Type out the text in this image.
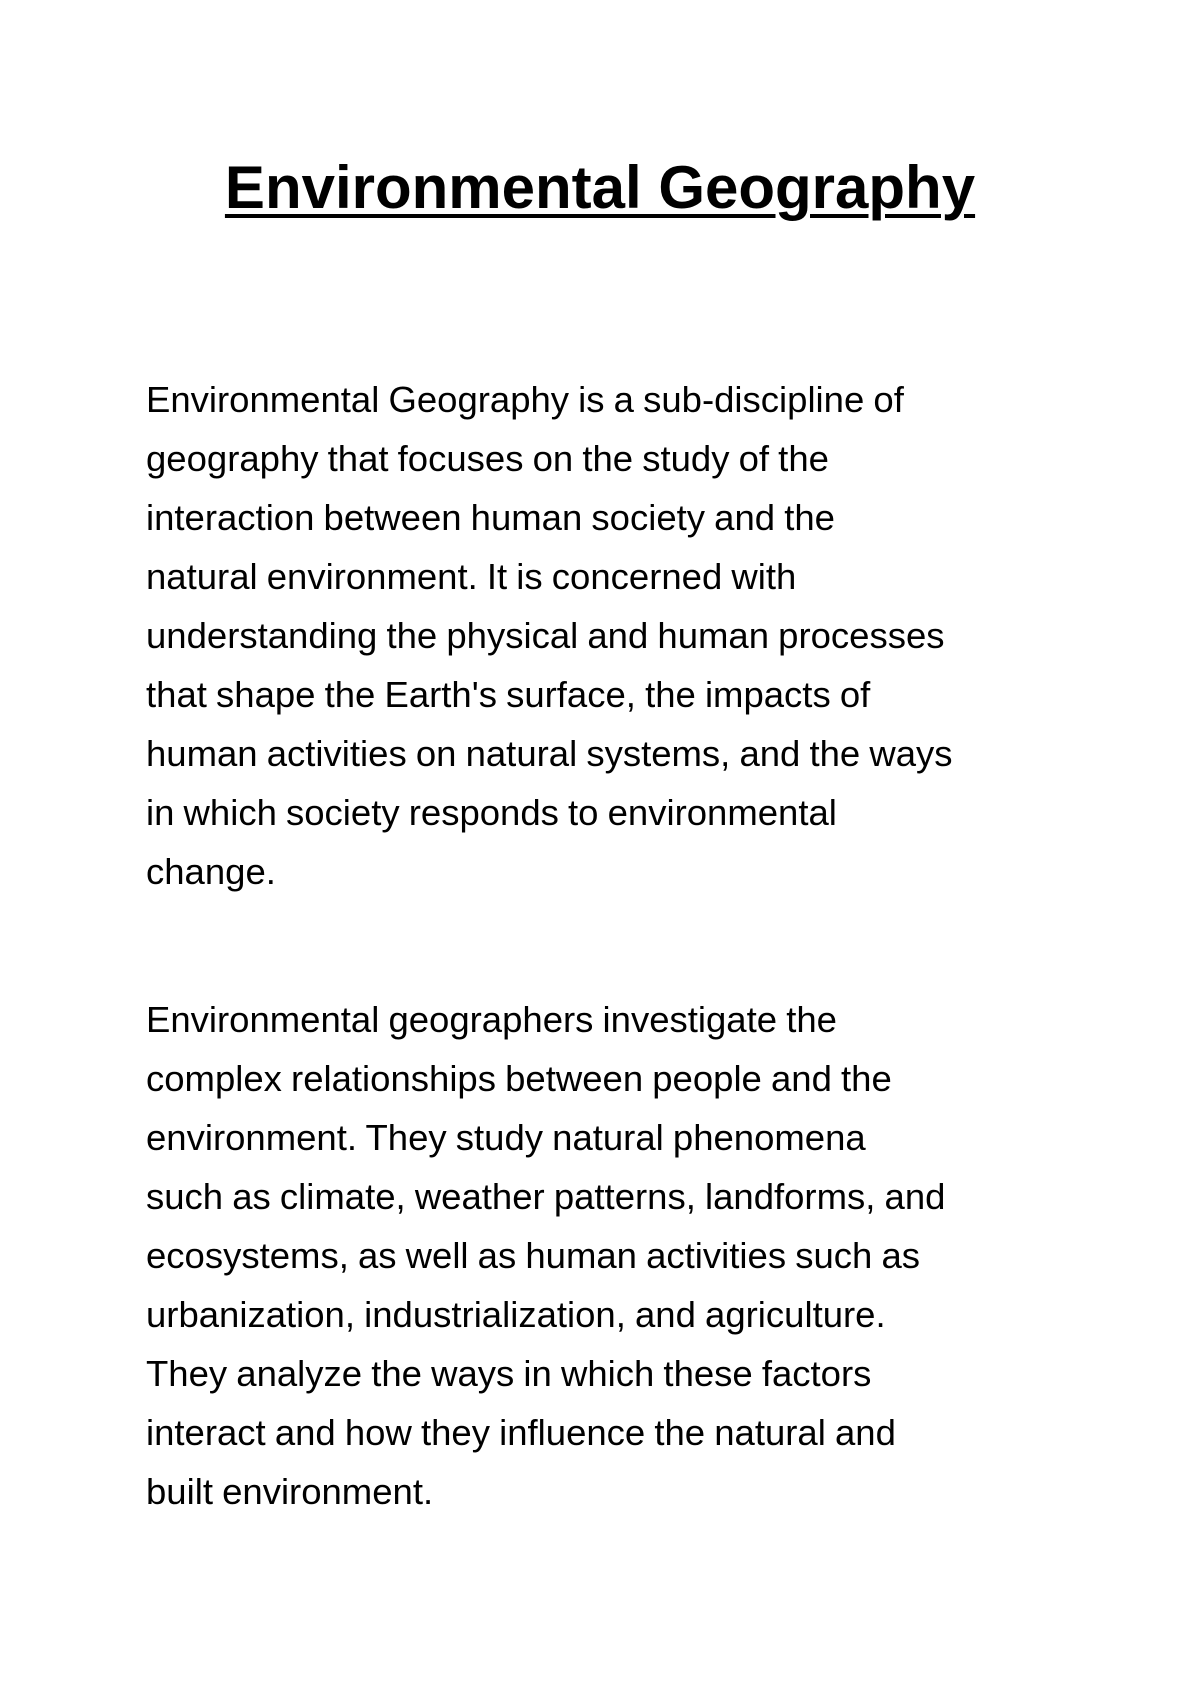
Environmental Geography

Environmental Geography is a sub-discipline of
geography that focuses on the study of the
interaction between human society and the
natural environment. It is concerned with
understanding the physical and human processes
that shape the Earth's surface, the impacts of
human activities on natural systems, and the ways
in which society responds to environmental
change.

Environmental geographers investigate the
complex relationships between people and the
environment. They study natural phenomena
such as climate, weather patterns, landforms, and
ecosystems, as well as human activities such as
urbanization, industrialization, and agriculture.
They analyze the ways in which these factors
interact and how they influence the natural and
built environment.
